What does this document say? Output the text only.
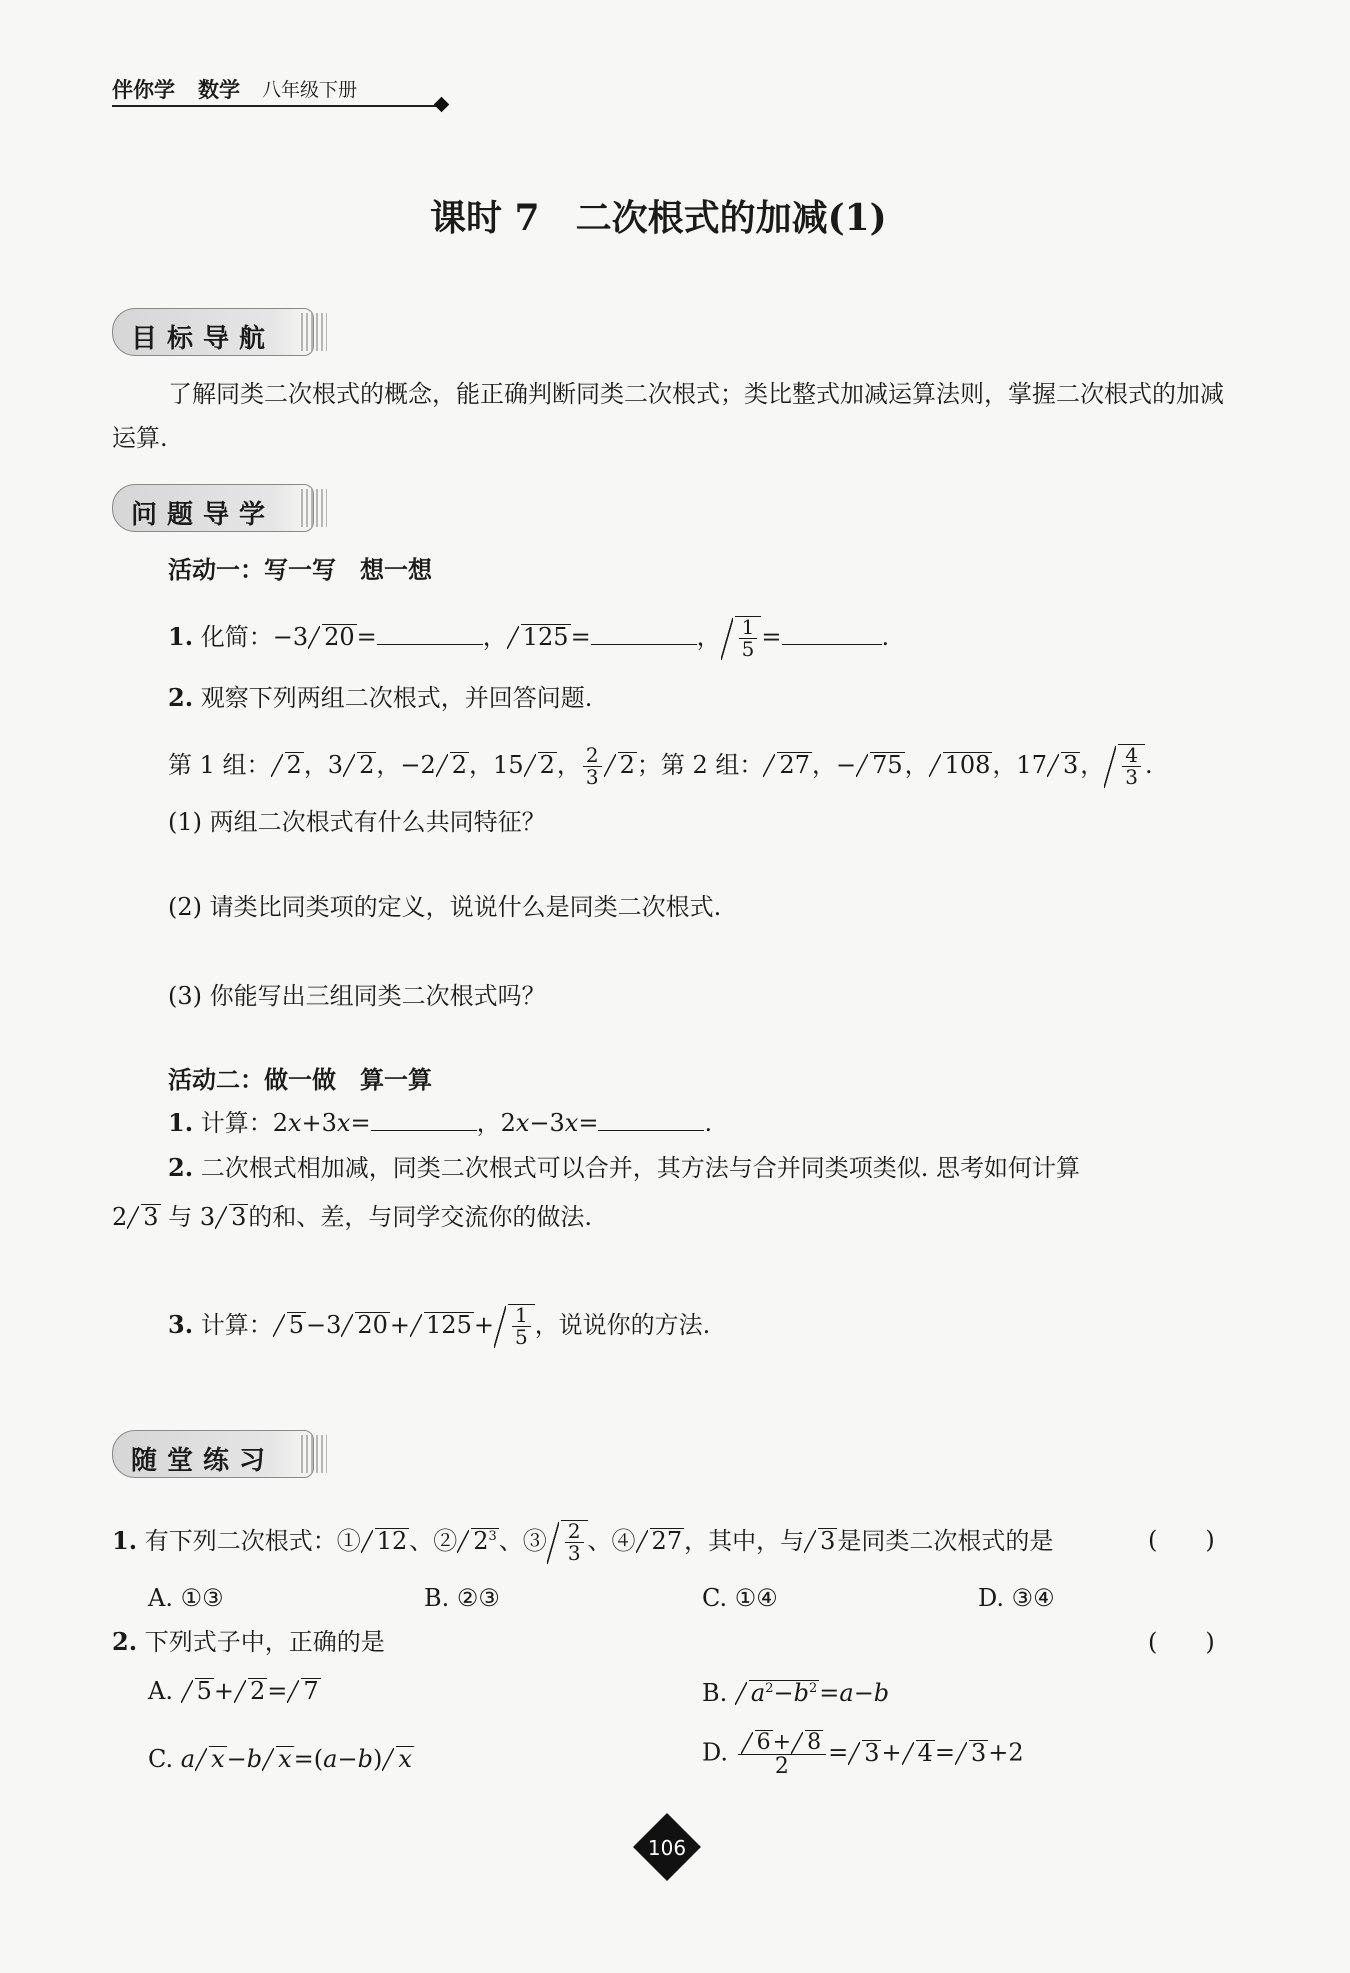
伴你学 数学 八年级下册
课时 7　二次根式的加减(1)
目标导航

了解同类二次根式的概念，能正确判断同类二次根式；类比整式加减运算法则，掌握二次根式的加减运算.

问题导学
活动一：写一写　想一想
1. 化简：−3 20=	， 125=	， $\frac{1}{5}$ =	.
2. 观察下列两组二次根式，并回答问题.
第 1 组： 2，3 2，−2 2，15 2， $\frac{2}{3} 2$；第 2 组： 27，− 75， 108，17 3， $\frac{4}{3}$ .
(1) 两组二次根式有什么共同特征？
(2) 请类比同类项的定义，说说什么是同类二次根式.
(3) 你能写出三组同类二次根式吗？
活动二：做一做　算一算
1. 计算：2x+3x=	，2x−3x=	.
2. 二次根式相加减，同类二次根式可以合并，其方法与合并同类项类似. 思考如何计算
2 3 与 3 3的和、差，与同学交流你的做法.
3. 计算： 5−3 $20+ 125+ \frac{1}{5}$ ，说说你的方法.
随堂练习
1. 有下列二次根式：① 12、② $2^3$、③ $\frac{2}{3}$ 、④ 27，其中，与 3是同类二次根式的是	(　　)
A. ①③	B. ②③	C. ①④	D. ③④
2. 下列式子中，正确的是	(　　)
A. 5+ 2= 7	B. $a^2-b^2=a-b$
C. a x−b x=(a−b) x	D. $\frac{6+ 8}{2} = 3+ 4= 3+2$
106
